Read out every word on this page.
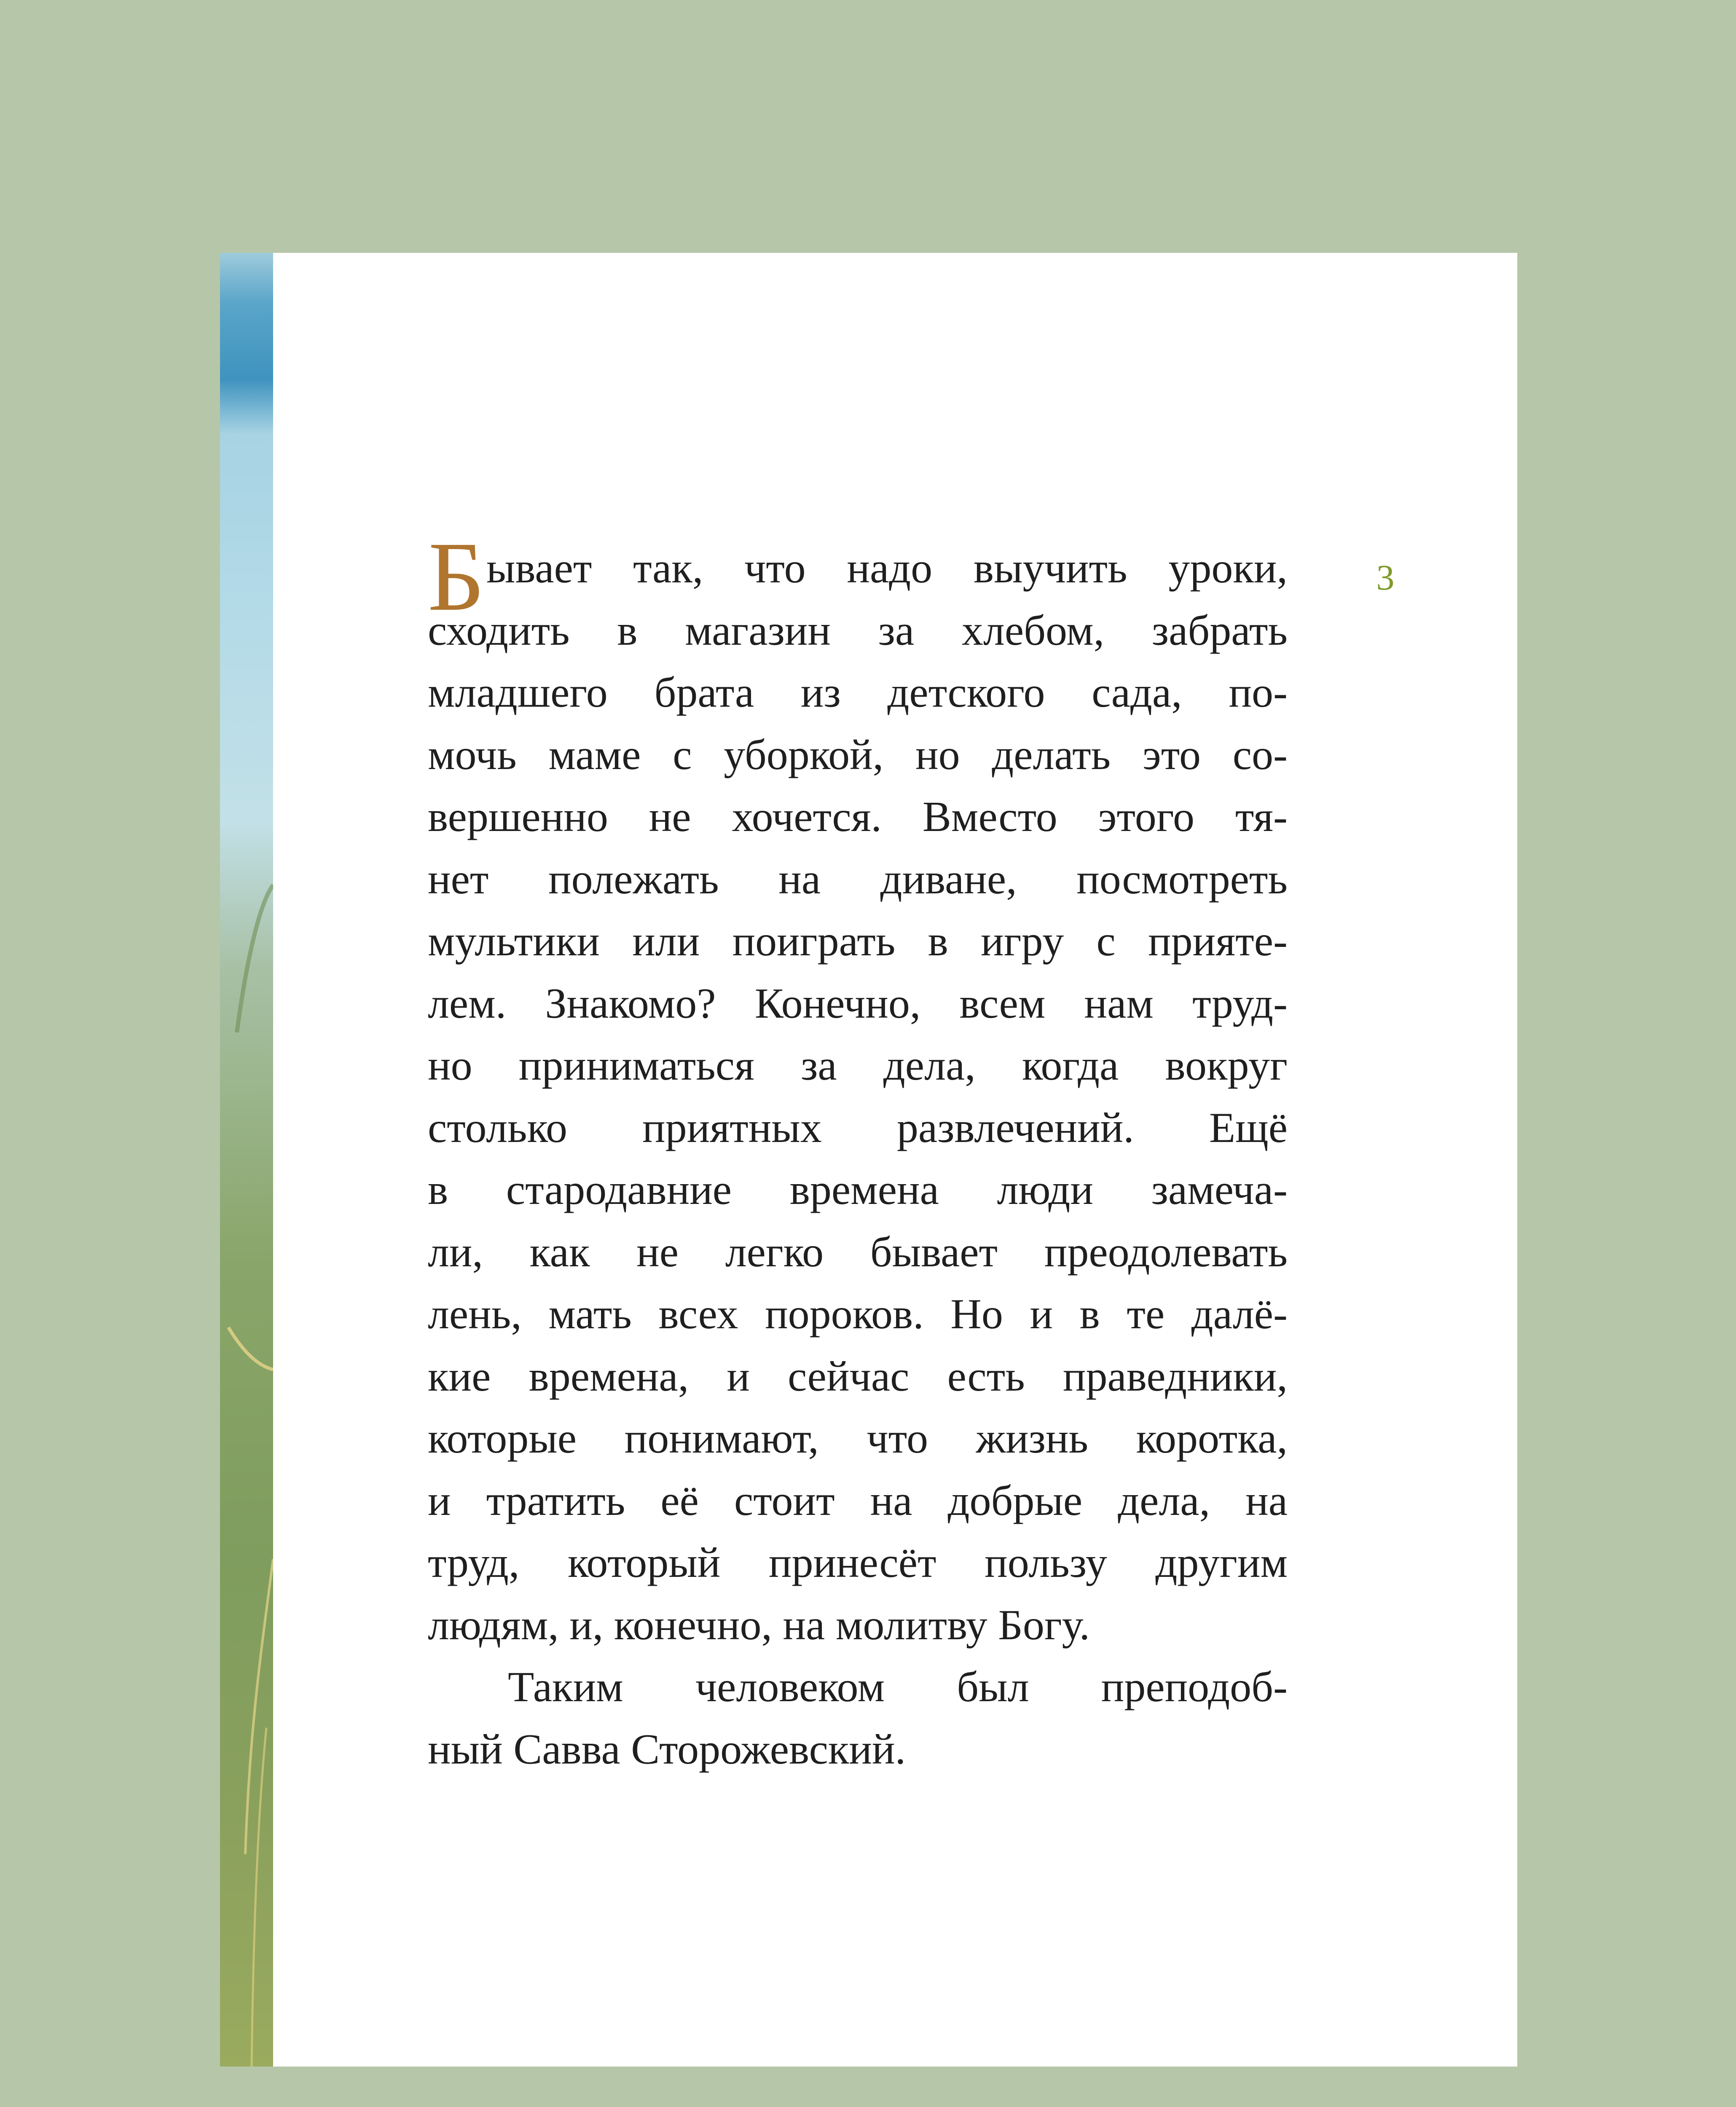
3
Бывает так, что надо выучить уроки,
сходить в магазин за хлебом, забрать
младшего брата из детского сада, по-
мочь маме с уборкой, но делать это со-
вершенно не хочется. Вместо этого тя-
нет полежать на диване, посмотреть
мультики или поиграть в игру с прияте-
лем. Знакомо? Конечно, всем нам труд-
но приниматься за дела, когда вокруг
столько приятных развлечений. Ещё
в стародавние времена люди замеча-
ли, как не легко бывает преодолевать
лень, мать всех пороков. Но и в те далё-
кие времена, и сейчас есть праведники,
которые понимают, что жизнь коротка,
и тратить её стоит на добрые дела, на
труд, который принесёт пользу другим
людям, и, конечно, на молитву Богу.
Таким человеком был преподоб-
ный Савва Сторожевский.
